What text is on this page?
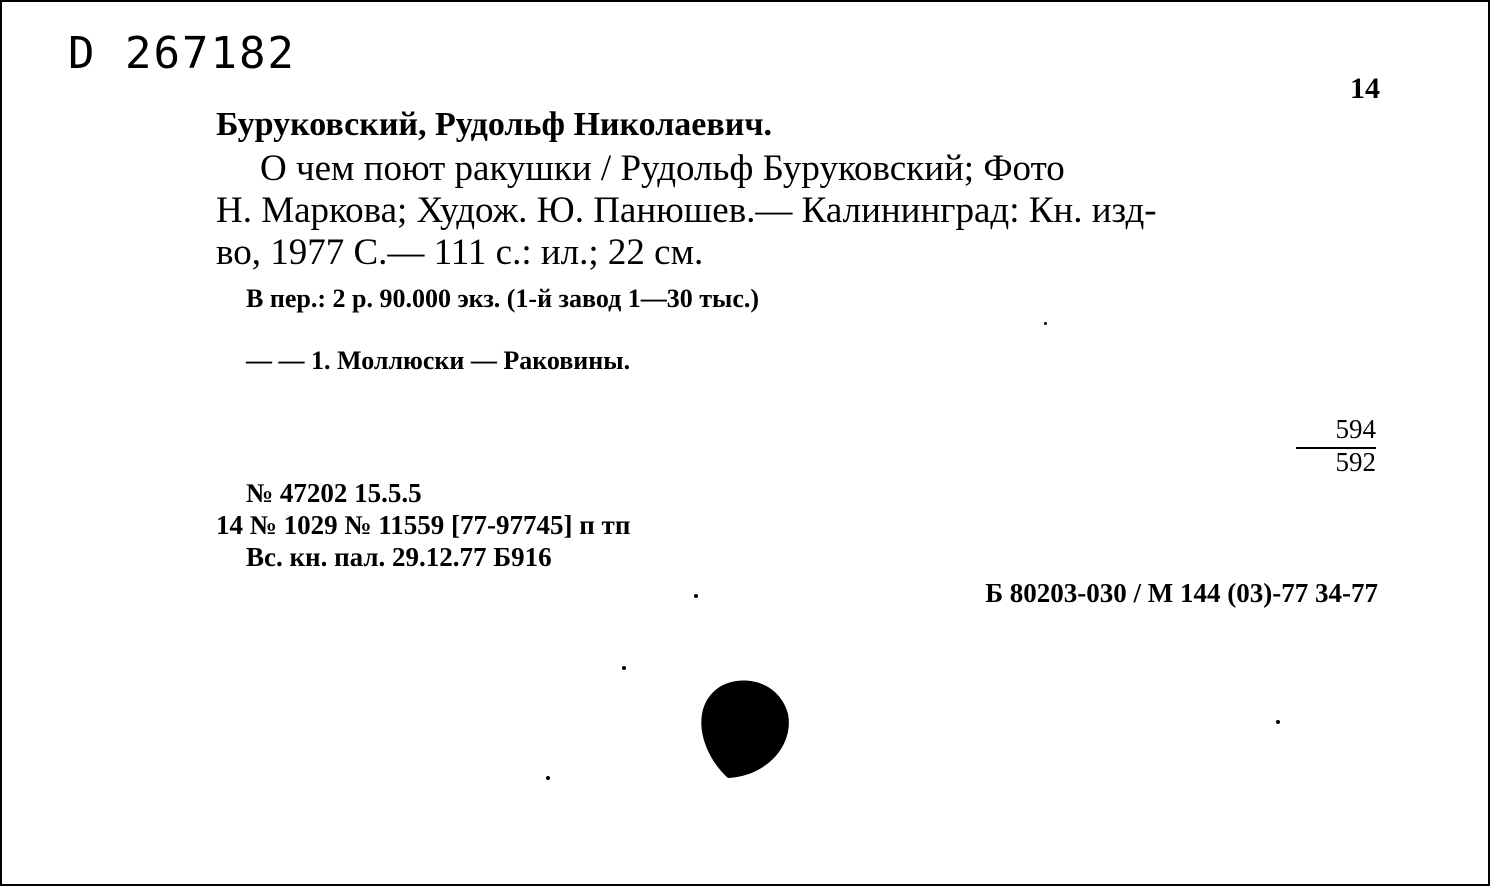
D 267182
14
Буруковский, Рудольф Николаевич.
О чем поют ракушки / Рудольф Буруковский; Фото
Н. Маркова; Худож. Ю. Панюшев.— Калининград: Кн. изд-
во, 1977 С.— 111 с.: ил.; 22 см.
В пер.: 2 р. 90.000 экз. (1-й завод 1—30 тыс.)
— — 1. Моллюски — Раковины.
594
592
№ 47202 15.5.5
14 № 1029 № 11559 [77-97745] п тп
Вс. кн. пал. 29.12.77 Б916
Б 80203-030 / М 144 (03)-77 34-77
